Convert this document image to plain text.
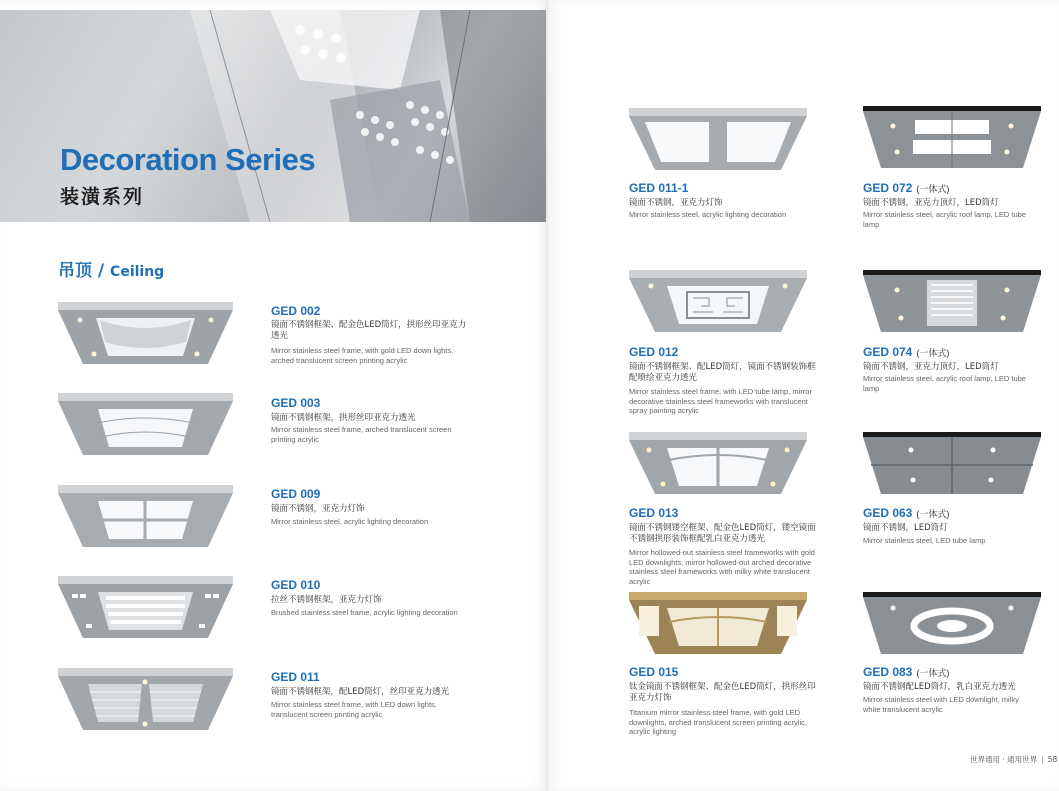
Decoration Series
装潢系列
吊顶 / Ceiling

GED 002

镜面不锈钢框架、配金色LED筒灯，拱形丝印亚克力透光

Mirror stainless steel frame, with gold LED down lights, arched translucent screen printing acrylic

GED 003

镜面不锈钢框架，拱形丝印亚克力透光

Mirror stainless steel frame, arched translucent screen printing acrylic

GED 009

镜面不锈钢，亚克力灯饰

Mirror stainless steel, acrylic lighting decoration

GED 010

拉丝不锈钢框架，亚克力灯饰

Brushed stainless steel frame, acrylic lighting decoration

GED 011

镜面不锈钢框架，配LED筒灯，丝印亚克力透光

Mirror stainless steel frame, with LED down lights, translucent screen printing acrylic

GED 011-1

镜面不锈钢，亚克力灯饰

Mirror stainless steel, acrylic lighting decoration

GED 012

镜面不锈钢框架、配LED筒灯，镜面不锈钢装饰框配喷绘亚克力透光

Mirror stainless steel frame, with LED tube lamp, mirror decorative stainless steel frameworks with translucent spray painting acrylic

GED 013

镜面不锈钢镂空框架、配金色LED筒灯，镂空镜面不锈钢拱形装饰框配乳白亚克力透光

Mirror hollowed-out stainless steel frameworks with gold LED downlights; mirror hollowed-out arched decorative stainless steel frameworks with milky white translucent acrylic

GED 015

钛金镜面不锈钢框架、配金色LED筒灯，拱形丝印亚克力灯饰

Titanium mirror stainless steel frame, with gold LED downlights, arched translucent screen printing acrylic, acrylic lighting

GED 072 (一体式)

镜面不锈钢，亚克力顶灯，LED筒灯

Mirror stainless steel, acrylic roof lamp, LED tube lamp

GED 074 (一体式)

镜面不锈钢，亚克力顶灯，LED筒灯

Mirror stainless steel, acrylic roof lamp, LED tube lamp

GED 063 (一体式)

镜面不锈钢，LED筒灯

Mirror stainless steel, LED tube lamp

GED 083 (一体式)

镜面不锈钢配LED筒灯，乳白亚克力透光

Mirror stainless steel with LED downlight, milky white translucent acrylic

世界通用 · 通用世界 | 58
